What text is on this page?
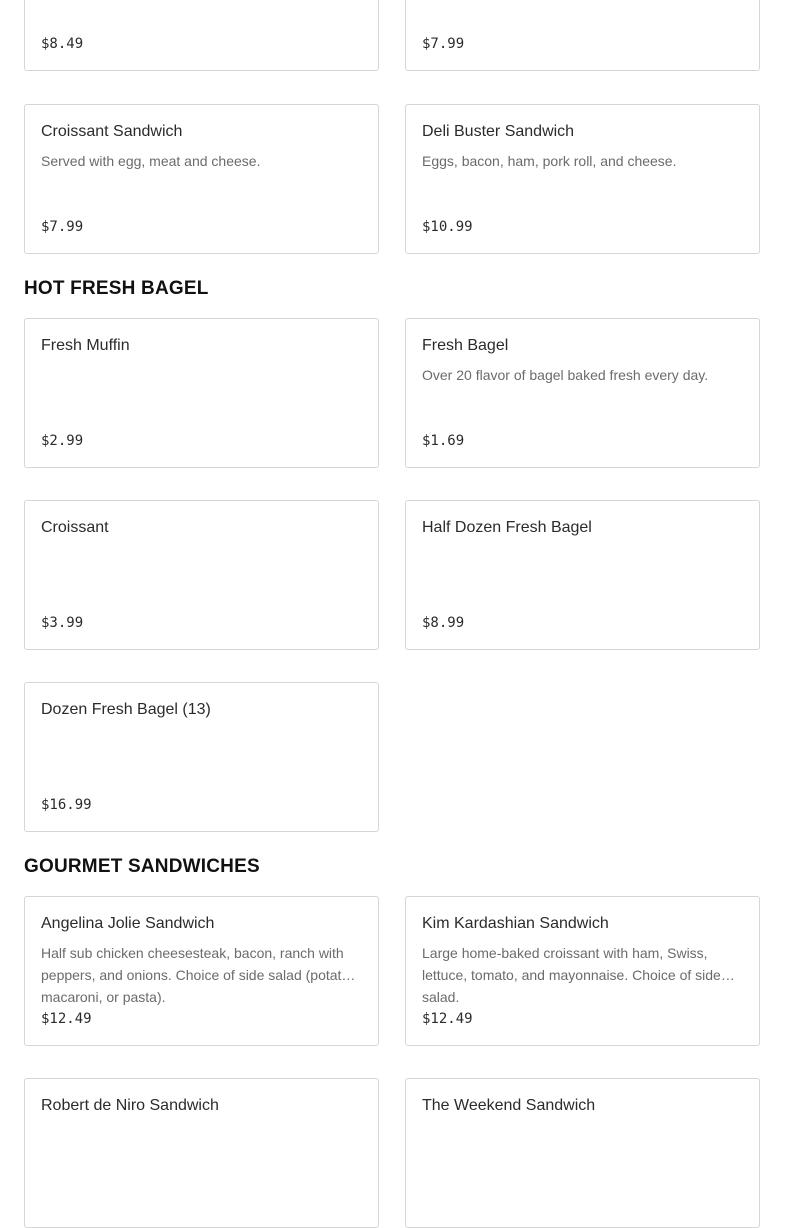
$8.49	$7.99
Croissant Sandwich
Served with egg, meat and cheese.
$7.99
Deli Buster Sandwich
Eggs, bacon, ham, pork roll, and cheese.
$10.99
HOT FRESH BAGEL
Fresh Muffin
$2.99
Fresh Bagel
Over 20 flavor of bagel baked fresh every day.
$1.69
Croissant
$3.99
Half Dozen Fresh Bagel
$8.99
Dozen Fresh Bagel (13)
$16.99
GOURMET SANDWICHES
Angelina Jolie Sandwich
Half sub chicken cheesesteak, bacon, ranch with peppers, and onions. Choice of side salad (potato, macaroni, or pasta).
$12.49
Kim Kardashian Sandwich
Large home-baked croissant with ham, Swiss, lettuce, tomato, and mayonnaise. Choice of side salad.
$12.49
Robert de Niro Sandwich	The Weekend Sandwich
